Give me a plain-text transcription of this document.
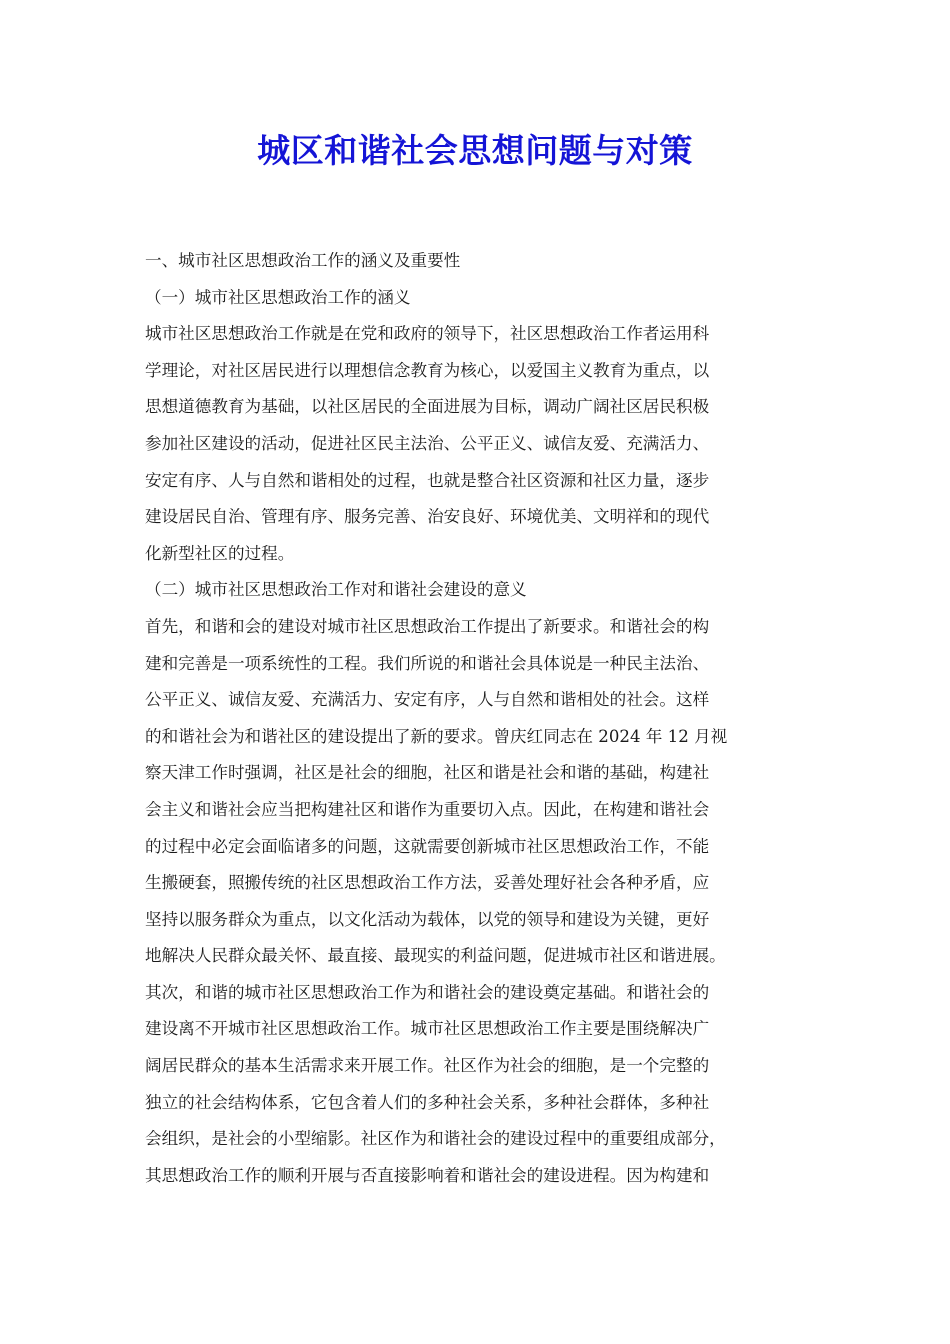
城区和谐社会思想问题与对策

一、城市社区思想政治工作的涵义及重要性

（一）城市社区思想政治工作的涵义

城市社区思想政治工作就是在党和政府的领导下，社区思想政治工作者运用科

学理论，对社区居民进行以理想信念教育为核心，以爱国主义教育为重点，以

思想道德教育为基础，以社区居民的全面进展为目标，调动广阔社区居民积极

参加社区建设的活动，促进社区民主法治、公平正义、诚信友爱、充满活力、

安定有序、人与自然和谐相处的过程，也就是整合社区资源和社区力量，逐步

建设居民自治、管理有序、服务完善、治安良好、环境优美、文明祥和的现代

化新型社区的过程。

（二）城市社区思想政治工作对和谐社会建设的意义

首先，和谐和会的建设对城市社区思想政治工作提出了新要求。和谐社会的构

建和完善是一项系统性的工程。我们所说的和谐社会具体说是一种民主法治、

公平正义、诚信友爱、充满活力、安定有序，人与自然和谐相处的社会。这样

的和谐社会为和谐社区的建设提出了新的要求。曾庆红同志在 2024 年 12 月视

察天津工作时强调，社区是社会的细胞，社区和谐是社会和谐的基础，构建社

会主义和谐社会应当把构建社区和谐作为重要切入点。因此，在构建和谐社会

的过程中必定会面临诸多的问题，这就需要创新城市社区思想政治工作，不能

生搬硬套，照搬传统的社区思想政治工作方法，妥善处理好社会各种矛盾，应

坚持以服务群众为重点，以文化活动为载体，以党的领导和建设为关键，更好

地解决人民群众最关怀、最直接、最现实的利益问题，促进城市社区和谐进展。

其次，和谐的城市社区思想政治工作为和谐社会的建设奠定基础。和谐社会的

建设离不开城市社区思想政治工作。城市社区思想政治工作主要是围绕解决广

阔居民群众的基本生活需求来开展工作。社区作为社会的细胞，是一个完整的

独立的社会结构体系，它包含着人们的多种社会关系，多种社会群体，多种社

会组织，是社会的小型缩影。社区作为和谐社会的建设过程中的重要组成部分，

其思想政治工作的顺利开展与否直接影响着和谐社会的建设进程。因为构建和
